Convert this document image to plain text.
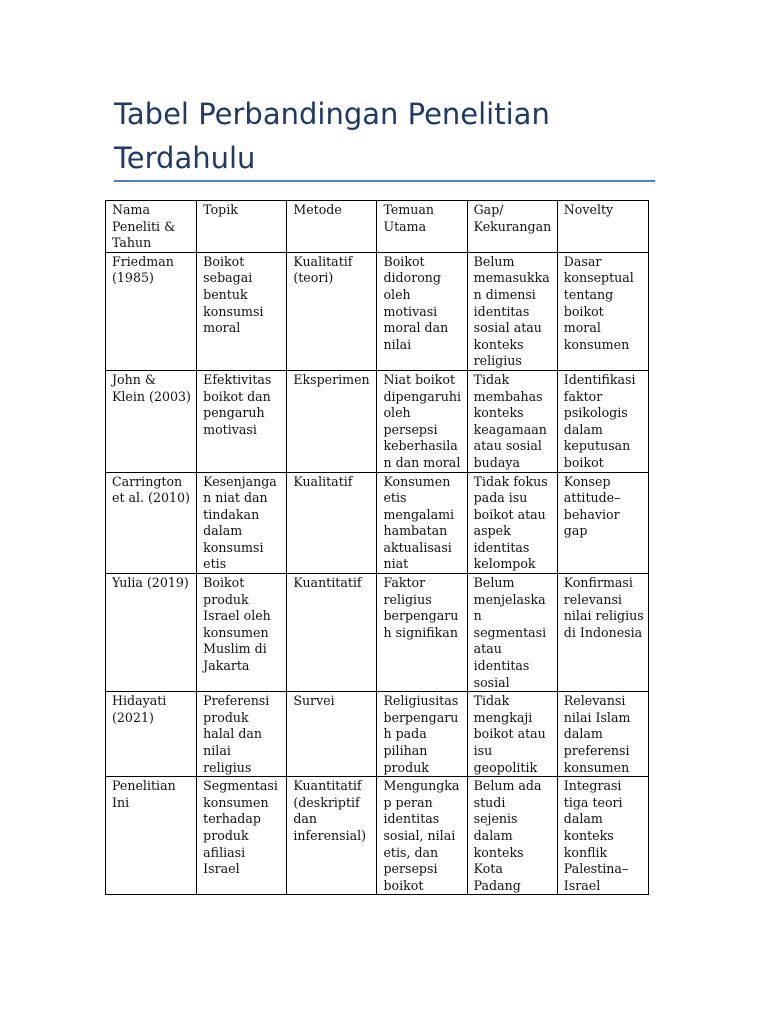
Tabel Perbandingan Penelitian Terdahulu
Nama Peneliti & Tahun	Topik	Metode	Temuan Utama	Gap/ Kekurangan	Novelty
Friedman (1985)	Boikot sebagai bentuk konsumsi moral	Kualitatif (teori)	Boikot didorong oleh motivasi moral dan nilai	Belum memasukkan dimensi identitas sosial atau konteks religius	Dasar konseptual tentang boikot moral konsumen
John & Klein (2003)	Efektivitas boikot dan pengaruh motivasi	Eksperimen	Niat boikot dipengaruhi oleh persepsi keberhasilan dan moral	Tidak membahas konteks keagamaan atau sosial budaya	Identifikasi faktor psikologis dalam keputusan boikot
Carrington et al. (2010)	Kesenjangan niat dan tindakan dalam konsumsi etis	Kualitatif	Konsumen etis mengalami hambatan aktualisasi niat	Tidak fokus pada isu boikot atau aspek identitas kelompok	Konsep attitude–behavior gap
Yulia (2019)	Boikot produk Israel oleh konsumen Muslim di Jakarta	Kuantitatif	Faktor religius berpengaruh signifikan	Belum menjelaskan segmentasi atau identitas sosial	Konfirmasi relevansi nilai religius di Indonesia
Hidayati (2021)	Preferensi produk halal dan nilai religius	Survei	Religiusitas berpengaruh pada pilihan produk	Tidak mengkaji boikot atau isu geopolitik	Relevansi nilai Islam dalam preferensi konsumen
Penelitian Ini	Segmentasi konsumen terhadap produk afiliasi Israel	Kuantitatif (deskriptif dan inferensial)	Mengungkap peran identitas sosial, nilai etis, dan persepsi boikot	Belum ada studi sejenis dalam konteks Kota Padang	Integrasi tiga teori dalam konteks konflik Palestina–Israel
